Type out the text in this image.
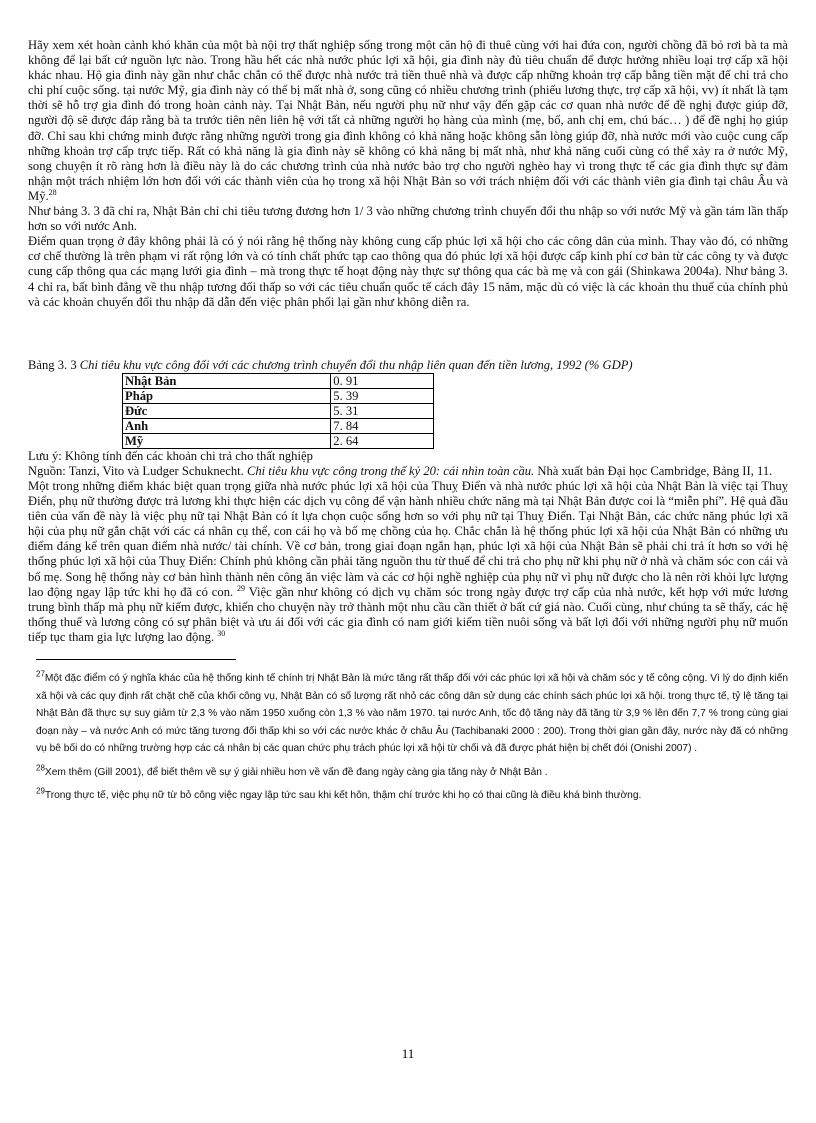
Hãy xem xét hoàn cảnh khó khăn của một bà nội trợ thất nghiệp sống trong một căn hộ đi thuê cùng với hai đứa con, người chồng đã bỏ rơi bà ta mà không để lại bất cứ nguồn lực nào. Trong hầu hết các nhà nước phúc lợi xã hội, gia đình này đủ tiêu chuẩn để được hưởng nhiều loại trợ cấp xã hội khác nhau. Hộ gia đình này gần như chắc chắn có thể được nhà nước trả tiền thuê nhà và được cấp những khoản trợ cấp bằng tiền mặt để chi trả cho chi phí cuộc sống. tại nước Mỹ, gia đình này có thể bị mất nhà ở, song cũng có nhiều chương trình (phiếu lương thực, trợ cấp xã hội, vv) ít nhất là tạm thời sẽ hỗ trợ gia đình đó trong hoàn cảnh này. Tại Nhật Bản, nếu người phụ nữ như vậy đến gặp các cơ quan nhà nước để đề nghị được giúp đỡ, người độ sẽ được đáp rằng bà ta trước tiên nên liên hệ với tất cả những người họ hàng của mình (mẹ, bố, anh chị em, chú bác… ) để đề nghị họ giúp đỡ. Chỉ sau khi chứng minh được rằng những người trong gia đình không có khả năng hoặc không sẵn lòng giúp đỡ, nhà nước mới vào cuộc cung cấp những khoản trợ cấp trực tiếp. Rất có khả năng là gia đình này sẽ không có khả năng bị mất nhà, như khả năng cuối cùng có thể xảy ra ở nước Mỹ, song chuyện ít rõ ràng hơn là điều này là do các chương trình của nhà nước bảo trợ cho người nghèo hay vì trong thực tế các gia đình thực sự đảm nhận một trách nhiệm lớn hơn đối với các thành viên của họ trong xã hội Nhật Bản so với trách nhiệm đối với các thành viên gia đình tại châu Âu và Mỹ.$^{28}$

Như bảng 3. 3 đã chỉ ra, Nhật Bản chỉ chi tiêu tương đương hơn 1/ 3 vào những chương trình chuyển đổi thu nhập so với nước Mỹ và gần tám lần thấp hơn so với nước Anh.

Điểm quan trọng ở đây không phải là có ý nói rằng hệ thống này không cung cấp phúc lợi xã hội cho các công dân của mình. Thay vào đó, có những cơ chế thường là trên phạm vi rất rộng lớn và có tính chất phức tạp cao thông qua đó phúc lợi xã hội được cấp kinh phí cơ bản từ các công ty và được cung cấp thông qua các mạng lưới gia đình – mà trong thực tế hoạt động này thực sự thông qua các bà mẹ và con gái (Shinkawa 2004a). Như bảng 3. 4 chỉ ra, bất bình đẳng về thu nhập tương đối thấp so với các tiêu chuẩn quốc tế cách đây 15 năm, mặc dù có việc là các khoản thu thuế của chính phủ và các khoản chuyển đổi thu nhập đã dẫn đến việc phân phối lại gần như không diễn ra.

Bảng 3. 3 Chi tiêu khu vực công đối với các chương trình chuyển đổi thu nhập liên quan đến tiền lương, 1992 (% GDP)

Nhật Bản	0. 91
Pháp	5. 39
Đức	5. 31
Anh	7. 84
Mỹ	2. 64

Lưu ý: Không tính đến các khoản chi trả cho thất nghiệp

Nguồn: Tanzi, Vito và Ludger Schuknecht. Chi tiêu khu vực công trong thế kỷ 20: cái nhìn toàn cầu. Nhà xuất bản Đại học Cambridge, Bảng II, 11.

Một trong những điểm khác biệt quan trọng giữa nhà nước phúc lợi xã hội của Thuỵ Điển và nhà nước phúc lợi xã hội của Nhật Bản là việc tại Thuỵ Điển, phụ nữ thường được trả lương khi thực hiện các dịch vụ công để vận hành nhiều chức năng mà tại Nhật Bản được coi là “miễn phí”. Hệ quả đầu tiên của vấn đề này là việc phụ nữ tại Nhật Bản có ít lựa chọn cuộc sống hơn so với phụ nữ tại Thuỵ Điển. Tại Nhật Bản, các chức năng phúc lợi xã hội của phụ nữ gắn chặt với các cá nhân cụ thể, con cái họ và bố mẹ chồng của họ. Chắc chắn là hệ thống phúc lợi xã hội của Nhật Bản có những ưu điểm đáng kể trên quan điểm nhà nước/ tài chính. Về cơ bản, trong giai đoạn ngắn hạn, phúc lợi xã hội của Nhật Bản sẽ phải chi trả ít hơn so với hệ thống phúc lợi xã hội của Thuỵ Điển: Chính phủ không cần phải tăng nguồn thu từ thuế để chi trả cho phụ nữ khi phụ nữ ở nhà và chăm sóc con cái và bố mẹ. Song hệ thống này cơ bản hình thành nên công ăn việc làm và các cơ hội nghề nghiệp của phụ nữ vì phụ nữ được cho là nên rời khỏi lực lượng lao động ngay lập tức khi họ đã có con. $^{29}$ Việc gần như không có dịch vụ chăm sóc trong ngày được trợ cấp của nhà nước, kết hợp với mức lương trung bình thấp mà phụ nữ kiếm được, khiến cho chuyện này trở thành một nhu cầu cần thiết ở bất cứ giá nào. Cuối cùng, như chúng ta sẽ thấy, các hệ thống thuế và lương công có sự phân biệt và ưu ái đối với các gia đình có nam giới kiếm tiền nuôi sống và bất lợi đối với những người phụ nữ muốn tiếp tục tham gia lực lượng lao động. $^{30}$

$^{27}$Một đặc điểm có ý nghĩa khác của hệ thống kinh tế chính trị Nhật Bản là mức tăng rất thấp đối với các phúc lợi xã hội và chăm sóc y tế công cộng. Vì lý do định kiến xã hội và các quy định rất chặt chẽ của khối công vụ, Nhật Bản có số lượng rất nhỏ các công dân sử dụng các chính sách phúc lợi xã hội. trong thực tế, tỷ lệ tăng tại Nhật Bản đã thực sự suy giảm từ 2,3 % vào năm 1950 xuống còn 1,3 % vào năm 1970. tại nước Anh, tốc độ tăng này đã tăng từ 3,9 % lên đến 7,7 % trong cùng giai đoạn này – và nước Anh có mức tăng tương đối thấp khi so với các nước khác ở châu Âu (Tachibanaki 2000 : 200). Trong thời gian gần đây, nước này đã có những vụ bê bối do có những trường hợp các cá nhân bị các quan chức phụ trách phúc lợi xã hội từ chối và đã được phát hiện bị chết đói (Onishi 2007) .

$^{28}$Xem thêm (Gill 2001), để biết thêm về sự ý giải nhiều hơn về vấn đề đang ngày càng gia tăng này ở Nhật Bản .

$^{29}$Trong thực tế, việc phụ nữ từ bỏ công việc ngay lập tức sau khi kết hôn, thậm chí trước khi họ có thai cũng là điều khá bình thường.

11
